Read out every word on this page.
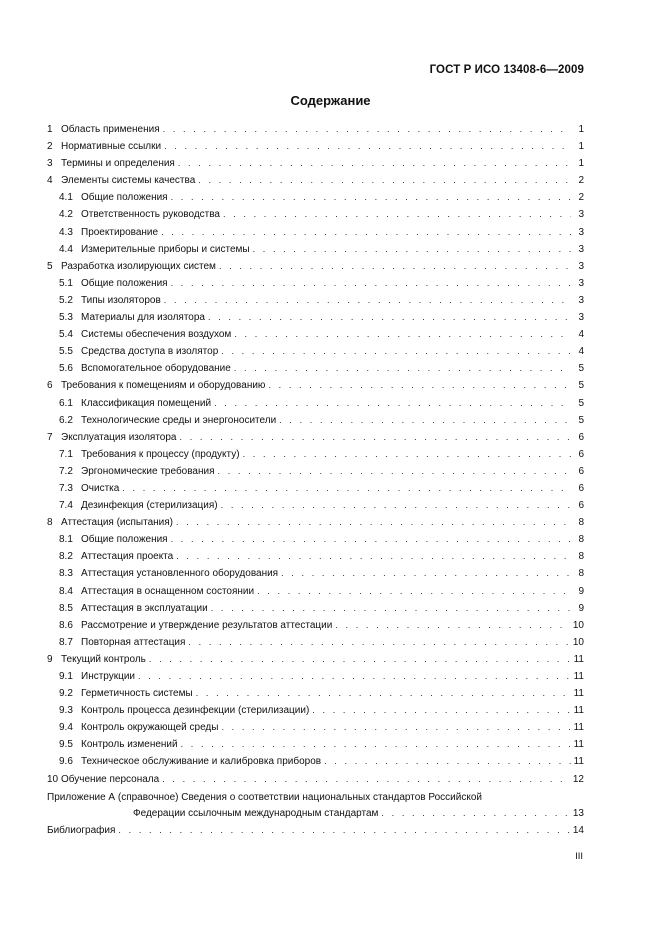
ГОСТ Р ИСО 13408-6—2009
Содержание
1 Область применения . . .	1
2 Нормативные ссылки . . .	1
3 Термины и определения . . .	1
4 Элементы системы качества . . .	2
4.1 Общие положения . . .	2
4.2 Ответственность руководства . . .	3
4.3 Проектирование . . .	3
4.4 Измерительные приборы и системы . . .	3
5 Разработка изолирующих систем . . .	3
5.1 Общие положения . . .	3
5.2 Типы изоляторов . . .	3
5.3 Материалы для изолятора . . .	3
5.4 Системы обеспечения воздухом . . .	4
5.5 Средства доступа в изолятор . . .	4
5.6 Вспомогательное оборудование . . .	5
6 Требования к помещениям и оборудованию . . .	5
6.1 Классификация помещений . . .	5
6.2 Технологические среды и энергоносители . . .	5
7 Эксплуатация изолятора . . .	6
7.1 Требования к процессу (продукту) . . .	6
7.2 Эргономические требования . . .	6
7.3 Очистка . . .	6
7.4 Дезинфекция (стерилизация) . . .	6
8 Аттестация (испытания) . . .	8
8.1 Общие положения . . .	8
8.2 Аттестация проекта . . .	8
8.3 Аттестация установленного оборудования . . .	8
8.4 Аттестация в оснащенном состоянии . . .	9
8.5 Аттестация в эксплуатации . . .	9
8.6 Рассмотрение и утверждение результатов аттестации . . .	10
8.7 Повторная аттестация . . .	10
9 Текущий контроль . . .	11
9.1 Инструкции . . .	11
9.2 Герметичность системы . . .	11
9.3 Контроль процесса дезинфекции (стерилизации) . . .	11
9.4 Контроль окружающей среды . . .	11
9.5 Контроль изменений . . .	11
9.6 Техническое обслуживание и калибровка приборов . . .	11
10 Обучение персонала . . .	12
Приложение А (справочное) Сведения о соответствии национальных стандартов Российской
Федерации ссылочным международным стандартам . . .	13
Библиография . . .	14
III
